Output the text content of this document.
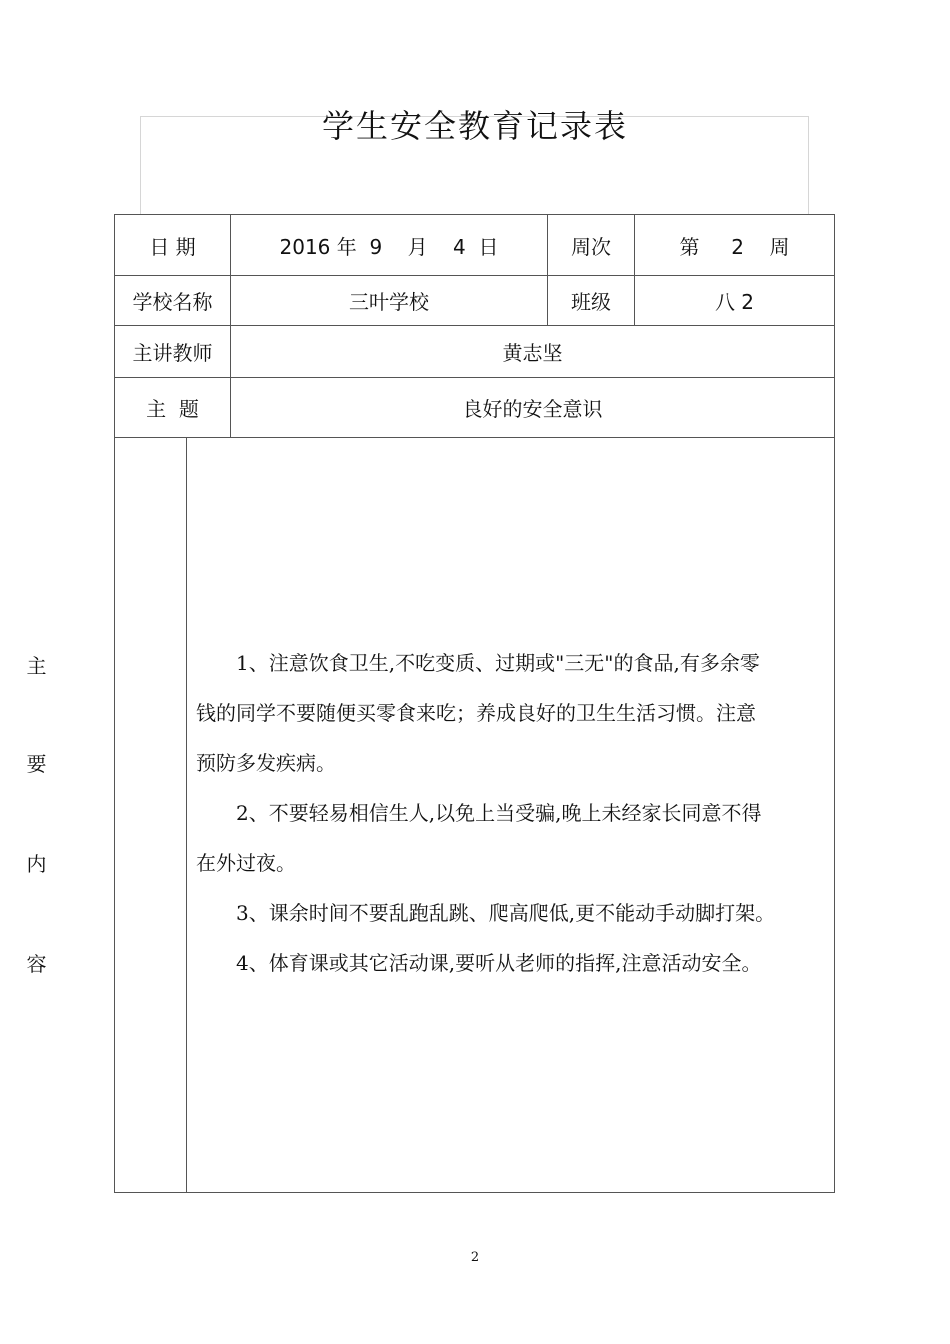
学生安全教育记录表
日 期	2016 年  9    月    4  日	周次	第     2    周
学校名称	三叶学校	班级	八 2
主讲教师	黄志坚
主  题	良好的安全意识
主
要
内
容

1、注意饮食卫生,不吃变质、过期或"三无"的食品,有多余零

钱的同学不要随便买零食来吃；养成良好的卫生生活习惯。注意

预防多发疾病。

2、不要轻易相信生人,以免上当受骗,晚上未经家长同意不得

在外过夜。

3、课余时间不要乱跑乱跳、爬高爬低,更不能动手动脚打架。

4、体育课或其它活动课,要听从老师的指挥,注意活动安全。

2
